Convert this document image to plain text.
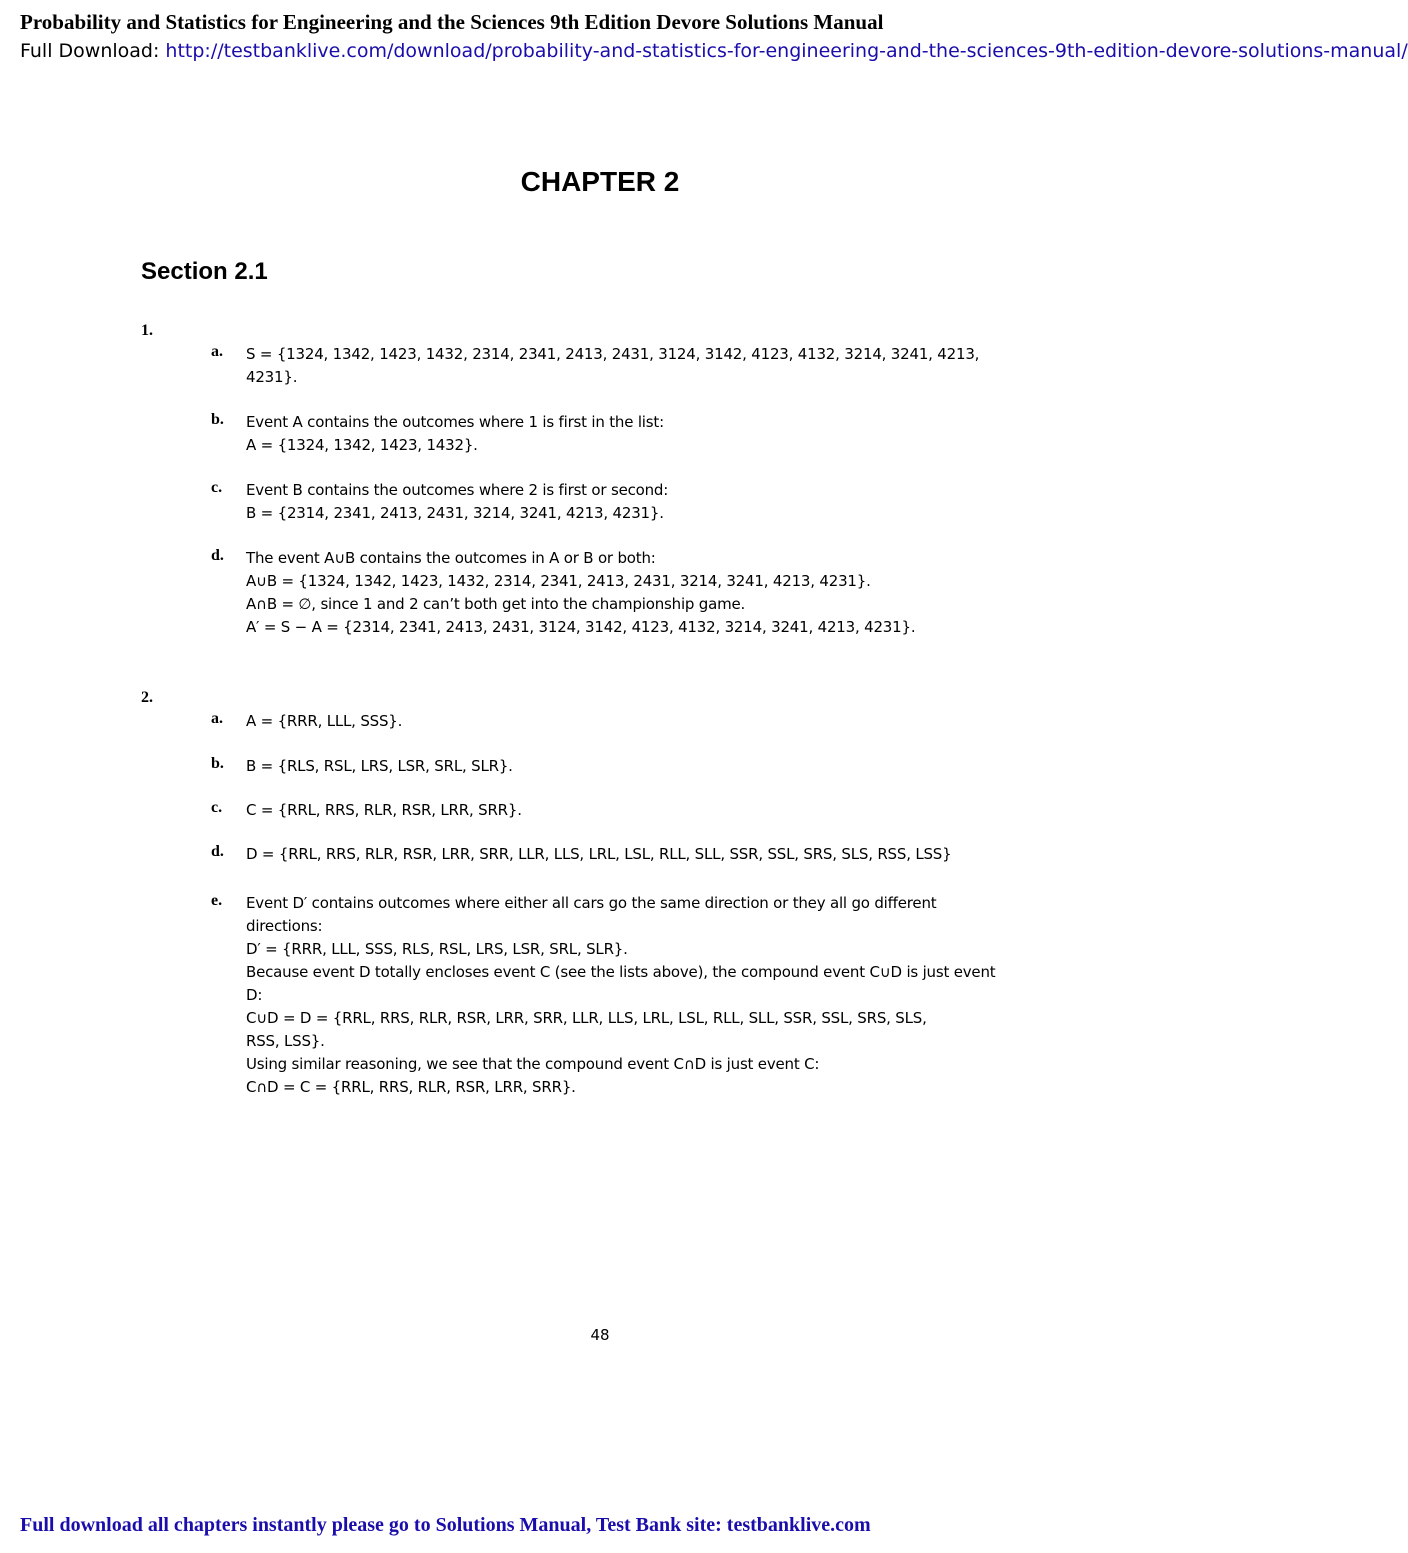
Probability and Statistics for Engineering and the Sciences 9th Edition Devore Solutions Manual
Full Download: http://testbanklive.com/download/probability-and-statistics-for-engineering-and-the-sciences-9th-edition-devore-solutions-manual/
CHAPTER 2
Section 2.1
1.
a. S = {1324, 1342, 1423, 1432, 2314, 2341, 2413, 2431, 3124, 3142, 4123, 4132, 3214, 3241, 4213,
4231}.
b. Event A contains the outcomes where 1 is first in the list:
A = {1324, 1342, 1423, 1432}.
c. Event B contains the outcomes where 2 is first or second:
B = {2314, 2341, 2413, 2431, 3214, 3241, 4213, 4231}.
d. The event A∪B contains the outcomes in A or B or both:
A∪B = {1324, 1342, 1423, 1432, 2314, 2341, 2413, 2431, 3214, 3241, 4213, 4231}.
A∩B = ∅, since 1 and 2 can’t both get into the championship game.
A′ = S − A = {2314, 2341, 2413, 2431, 3124, 3142, 4123, 4132, 3214, 3241, 4213, 4231}.
2.
a. A = {RRR, LLL, SSS}.
b. B = {RLS, RSL, LRS, LSR, SRL, SLR}.
c. C = {RRL, RRS, RLR, RSR, LRR, SRR}.
d. D = {RRL, RRS, RLR, RSR, LRR, SRR, LLR, LLS, LRL, LSL, RLL, SLL, SSR, SSL, SRS, SLS, RSS, LSS}
e. Event D′ contains outcomes where either all cars go the same direction or they all go different
directions:
D′ = {RRR, LLL, SSS, RLS, RSL, LRS, LSR, SRL, SLR}.
Because event D totally encloses event C (see the lists above), the compound event C∪D is just event
D:
C∪D = D = {RRL, RRS, RLR, RSR, LRR, SRR, LLR, LLS, LRL, LSL, RLL, SLL, SSR, SSL, SRS, SLS,
RSS, LSS}.
Using similar reasoning, we see that the compound event C∩D is just event C:
C∩D = C = {RRL, RRS, RLR, RSR, LRR, SRR}.
48
Full download all chapters instantly please go to Solutions Manual, Test Bank site: testbanklive.com
